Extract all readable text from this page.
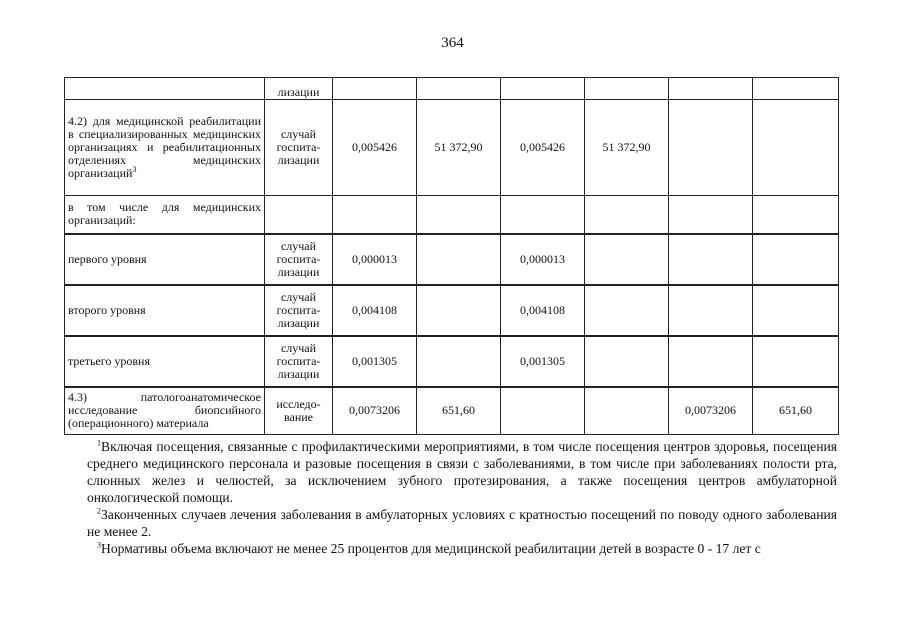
364
	лизации						
4.2) для медицинской реабилитации в специализированных медицинских организациях и реабилитационных отделениях медицинских организаций$^3$	случай госпита-лизации	0,005426	51 372,90	0,005426	51 372,90		
в том числе для медицинских организаций:							
первого уровня	случай госпита-лизации	0,000013		0,000013			
второго уровня	случай госпита-лизации	0,004108		0,004108			
третьего уровня	случай госпита-лизации	0,001305		0,001305			
4.3) патологоанатомическое исследование биопсийного (операционного) материала	исследо-вание	0,0073206	651,60			0,0073206	651,60

$^1$Включая посещения, связанные с профилактическими мероприятиями, в том числе посещения центров здоровья, посещения среднего медицинского персонала и разовые посещения в связи с заболеваниями, в том числе при заболеваниях полости рта, слюнных желез и челюстей, за исключением зубного протезирования, а также посещения центров амбулаторной онкологической помощи.

$^2$Законченных случаев лечения заболевания в амбулаторных условиях с кратностью посещений по поводу одного заболевания не менее 2.

$^3$Нормативы объема включают не менее 25 процентов для медицинской реабилитации детей в возрасте 0 - 17 лет с
